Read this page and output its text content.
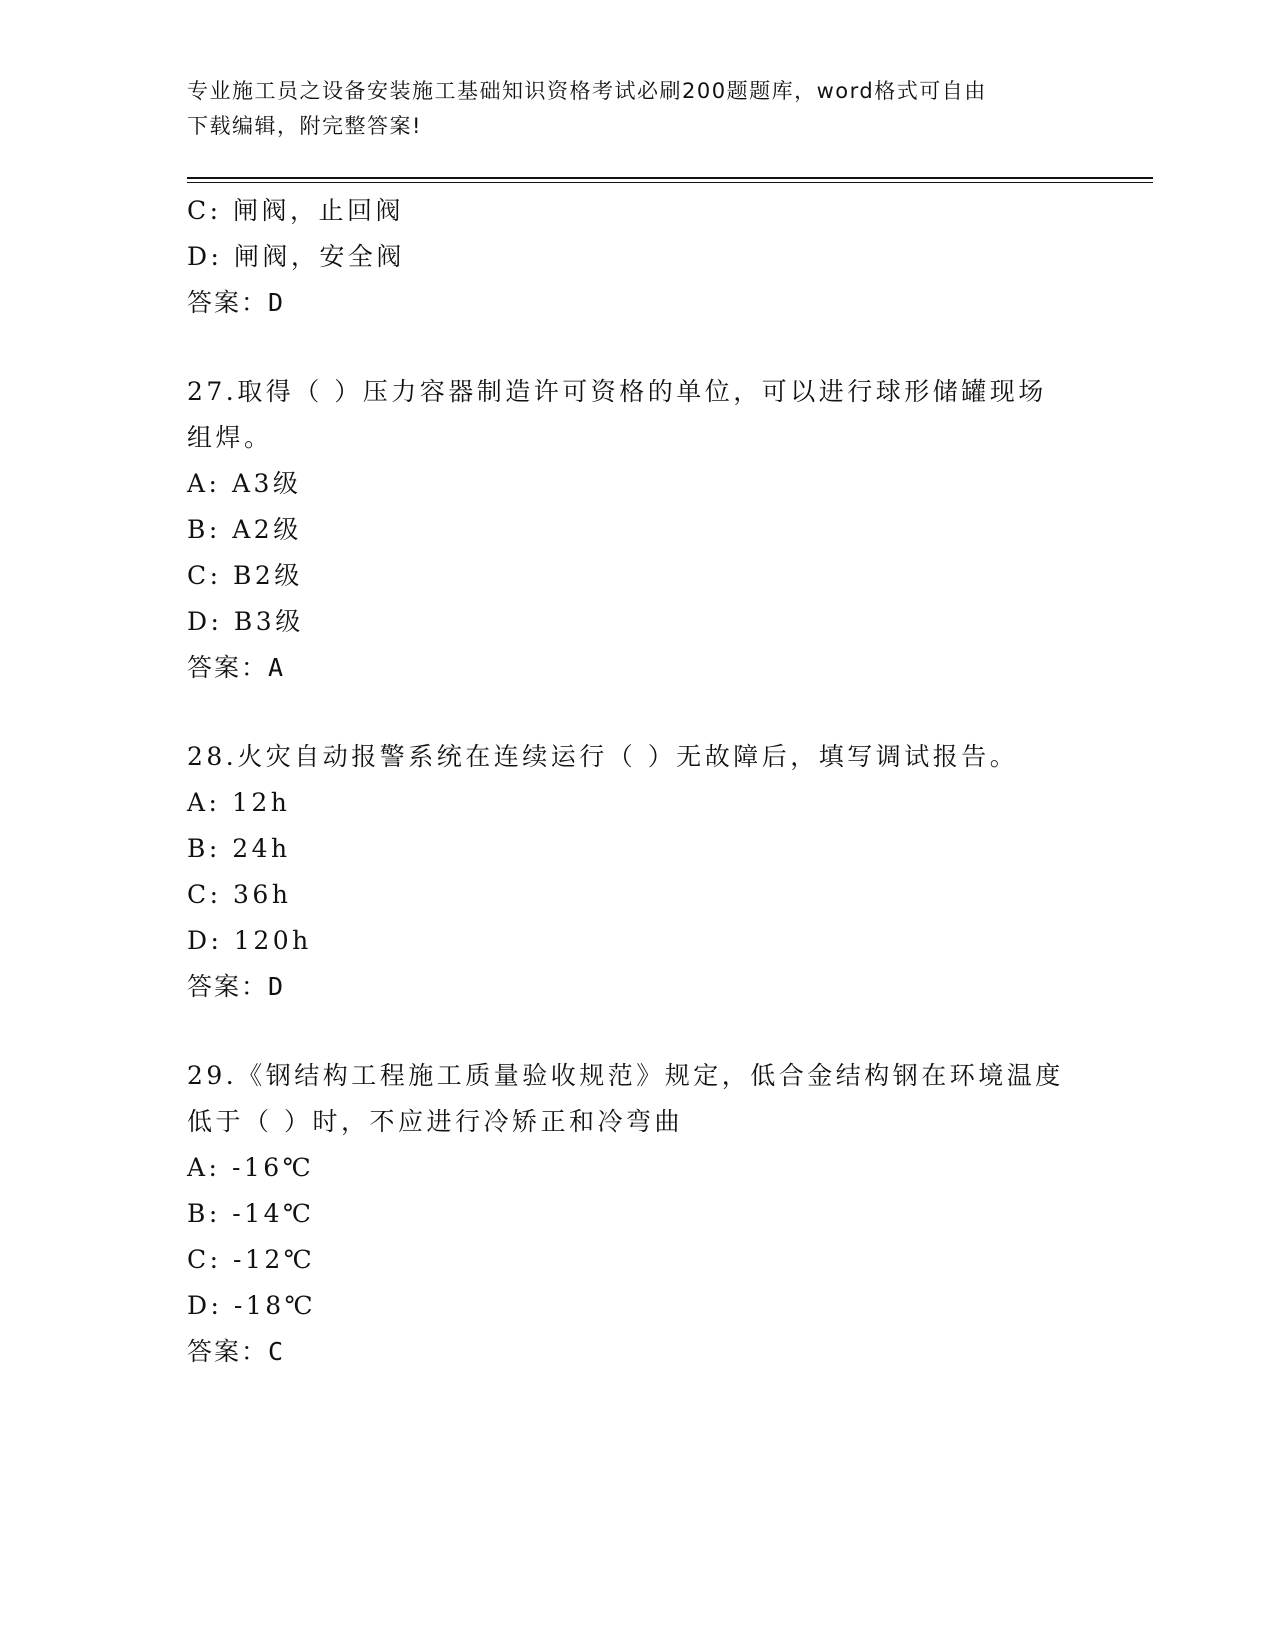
专业施工员之设备安装施工基础知识资格考试必刷200题题库，word格式可自由
下载编辑，附完整答案!
C: 闸阀，止回阀
D: 闸阀，安全阀
答案：D
27.取得（ ）压力容器制造许可资格的单位，可以进行球形储罐现场
组焊。
A: A3级
B: A2级
C: B2级
D: B3级
答案：A
28.火灾自动报警系统在连续运行（ ）无故障后，填写调试报告。
A: 12h
B: 24h
C: 36h
D: 120h
答案：D
29.《钢结构工程施工质量验收规范》规定，低合金结构钢在环境温度
低于（ ）时，不应进行冷矫正和冷弯曲
A: -16℃
B: -14℃
C: -12℃
D: -18℃
答案：C
